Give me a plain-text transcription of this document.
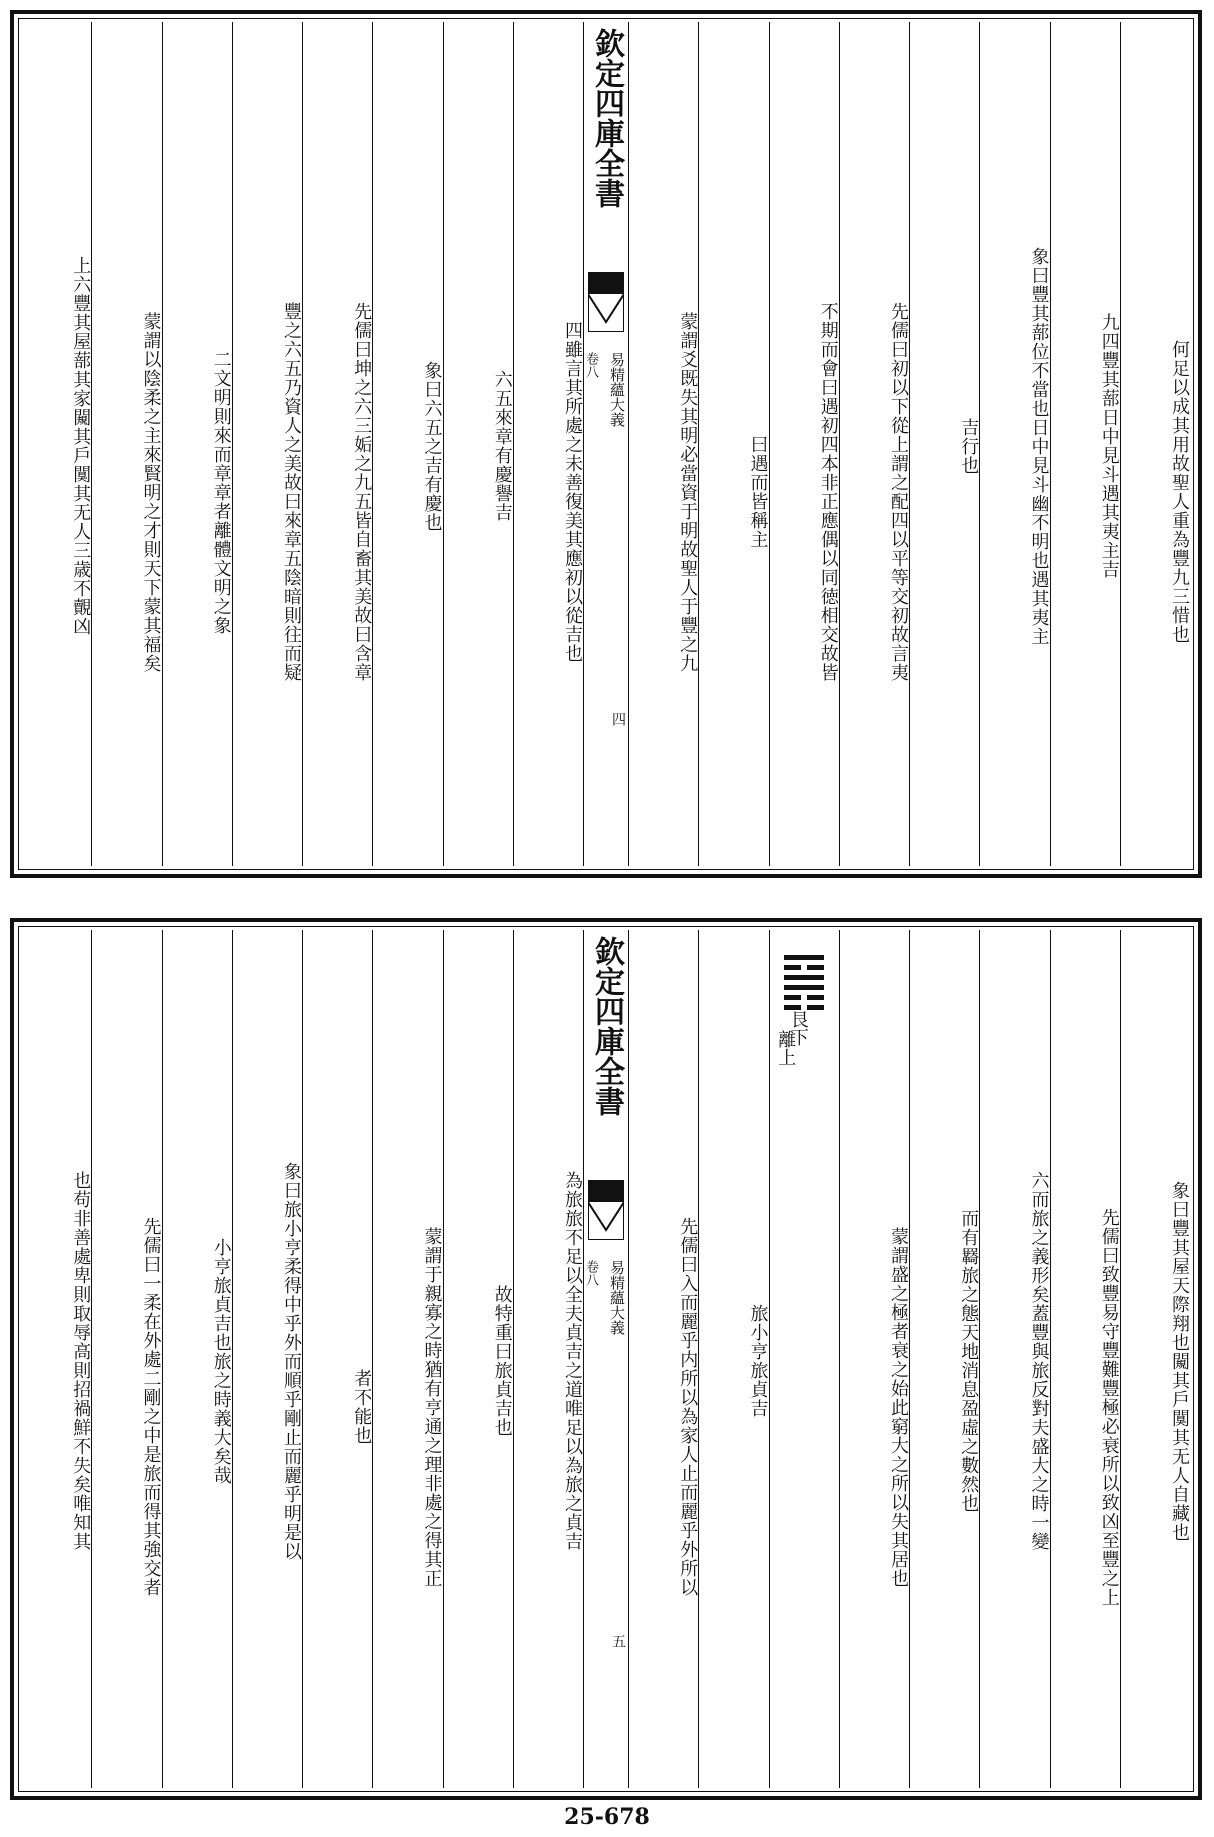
何足以成其用故聖人重為豐九三惜也
九四豐其蔀日中見斗遇其夷主吉
象曰豐其蔀位不當也日中見斗幽不明也遇其夷主
吉行也
先儒曰初以下從上謂之配四以平等交初故言夷
不期而會曰遇初四本非正應偶以同徳相交故皆
曰遇而皆稱主
蒙謂爻既失其明必當資于明故聖人于豐之九
欽定四庫全書
易精蘊大義
卷八
四
四雖言其所處之未善復美其應初以從吉也
六五來章有慶譽吉
象曰六五之吉有慶也
先儒曰坤之六三姤之九五皆自畜其美故曰含章
豐之六五乃資人之美故曰來章五陰暗則往而疑
二文明則來而章章者離體文明之象
蒙謂以陰柔之主來賢明之才則天下蒙其福矣
上六豐其屋蔀其家闚其戶闃其无人三歳不覿凶
象曰豐其屋天際翔也闚其戶闃其无人自藏也
先儒曰致豐易守豐難豐極必衰所以致凶至豐之上
六而旅之義形矣蓋豐與旅反對夫盛大之時一變
而有羇旅之態天地消息盈虛之數然也
蒙謂盛之極者衰之始此窮大之所以失其居也
艮下
離上
旅小亨旅貞吉
先儒曰入而麗乎内所以為家人止而麗乎外所以
欽定四庫全書
易精蘊大義
卷八
五
為旅旅不足以全夫貞吉之道唯足以為旅之貞吉
故特重曰旅貞吉也
蒙謂于親寡之時猶有亨通之理非處之得其正
者不能也
象曰旅小亨柔得中乎外而順乎剛止而麗乎明是以
小亨旅貞吉也旅之時義大矣哉
先儒曰一柔在外處二剛之中是旅而得其強交者
也苟非善處卑則取辱高則招禍鮮不失矣唯知其
25-678
